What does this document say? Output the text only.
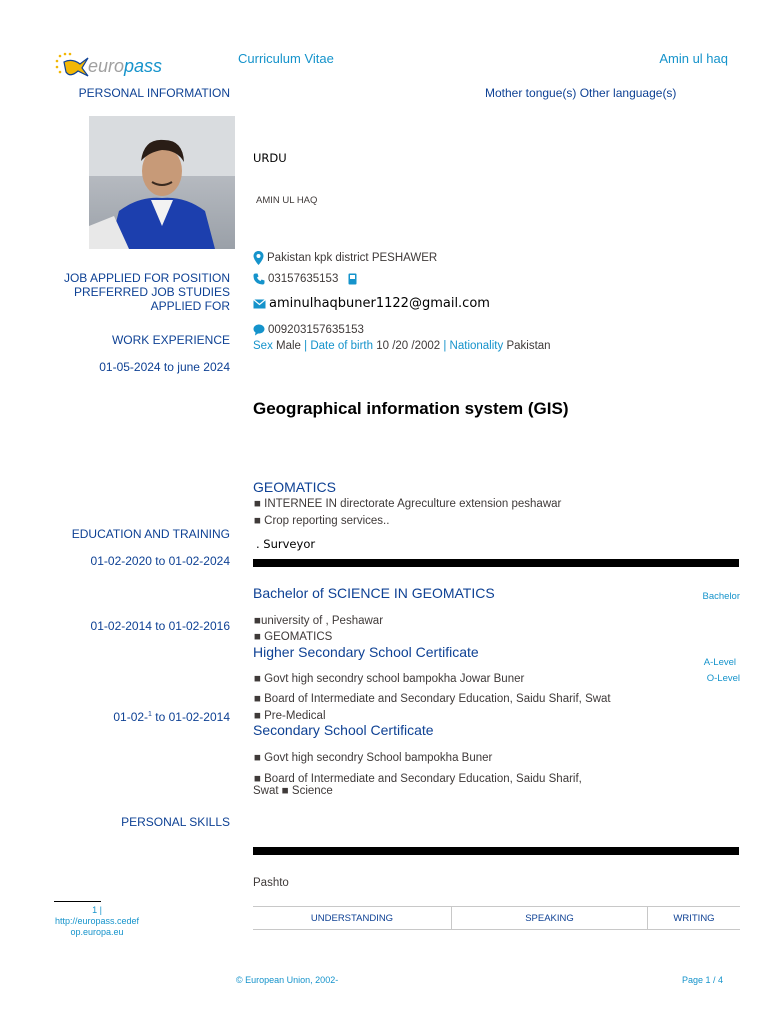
europass	Curriculum Vitae	Amin ul haq
PERSONAL INFORMATION	Mother tongue(s) Other language(s)
URDU
AMIN UL HAQ
Pakistan kpk district PESHAWER
03157635153
aminulhaqbuner1122@gmail.com
009203157635153
Sex Male | Date of birth 10 /20 /2002 | Nationality Pakistan
JOB APPLIED FOR POSITION
PREFERRED JOB STUDIES
APPLIED FOR
Geographical information system (GIS)
WORK EXPERIENCE
01-05-2024 to june 2024
GEOMATICS
■ INTERNEE IN directorate Agreculture extension peshawar
■ Crop reporting services..
. Surveyor
EDUCATION AND TRAINING
01-02-2020 to 01-02-2024
Bachelor of SCIENCE IN GEOMATICS	Bachelor
■university of , Peshawar
■ GEOMATICS
01-02-2014 to 01-02-2016
Higher Secondary School Certificate
A-Level
■ Govt high secondry school bampokha Jowar Buner
■ Board of Intermediate and Secondary Education, Saidu Sharif, Swat
■ Pre-Medical
01-02-$^1$ to 01-02-2014
Secondary School Certificate
O-Level
■ Govt high secondry School bampokha Buner
■ Board of Intermediate and Secondary Education, Saidu Sharif,
Swat ■ Science
PERSONAL SKILLS
Pashto
UNDERSTANDING	SPEAKING	WRITING
1 |
http://europass.cedef
op.europa.eu
© European Union, 2002-	Page 1 / 4
